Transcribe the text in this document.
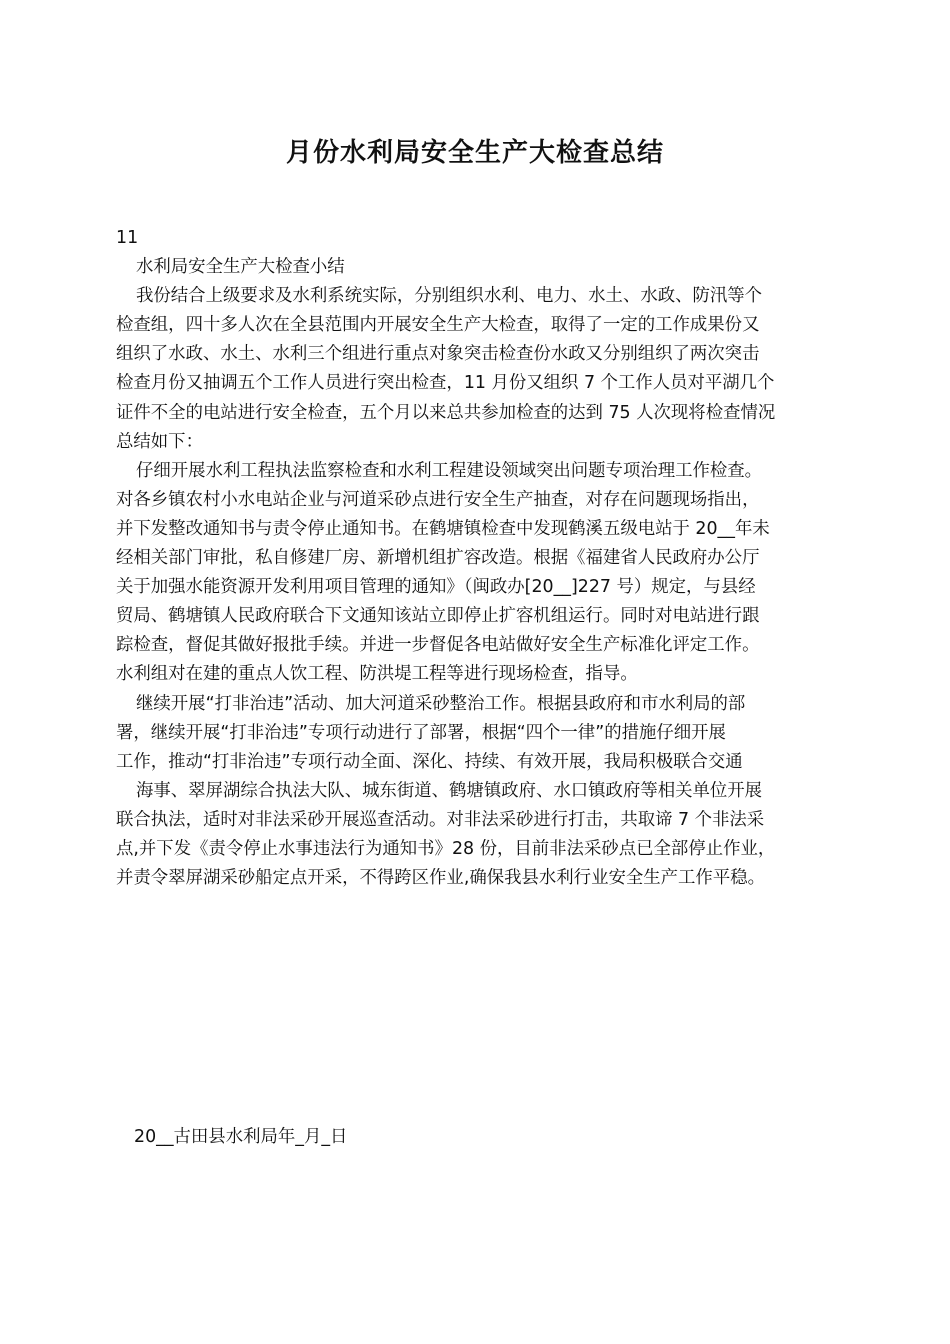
月份水利局安全生产大检查总结
11
水利局安全生产大检查小结
我份结合上级要求及水利系统实际，分别组织水利、电力、水土、水政、防汛等个
检查组，四十多人次在全县范围内开展安全生产大检查，取得了一定的工作成果份又
组织了水政、水土、水利三个组进行重点对象突击检查份水政又分别组织了两次突击
检查月份又抽调五个工作人员进行突出检查，11 月份又组织 7 个工作人员对平湖几个
证件不全的电站进行安全检查，五个月以来总共参加检查的达到 75 人次现将检查情况
总结如下：
仔细开展水利工程执法监察检查和水利工程建设领域突出问题专项治理工作检查。
对各乡镇农村小水电站企业与河道采砂点进行安全生产抽查，对存在问题现场指出，
并下发整改通知书与责令停止通知书。在鹤塘镇检查中发现鹤溪五级电站于 20__年未
经相关部门审批，私自修建厂房、新增机组扩容改造。根据《福建省人民政府办公厅
关于加强水能资源开发利用项目管理的通知》（闽政办[20__]227 号）规定，与县经
贸局、鹤塘镇人民政府联合下文通知该站立即停止扩容机组运行。同时对电站进行跟
踪检查，督促其做好报批手续。并进一步督促各电站做好安全生产标准化评定工作。
水利组对在建的重点人饮工程、防洪堤工程等进行现场检查，指导。
继续开展“打非治违”活动、加大河道采砂整治工作。根据县政府和市水利局的部
署，继续开展“打非治违”专项行动进行了部署，根据“四个一律”的措施仔细开展
工作，推动“打非治违”专项行动全面、深化、持续、有效开展，我局积极联合交通
海事、翠屏湖综合执法大队、城东街道、鹤塘镇政府、水口镇政府等相关单位开展
联合执法，适时对非法采砂开展巡查活动。对非法采砂进行打击，共取谛 7 个非法采
点,并下发《责令停止水事违法行为通知书》28 份，目前非法采砂点已全部停止作业，
并责令翠屏湖采砂船定点开采，不得跨区作业,确保我县水利行业安全生产工作平稳。
20__古田县水利局年_月_日
